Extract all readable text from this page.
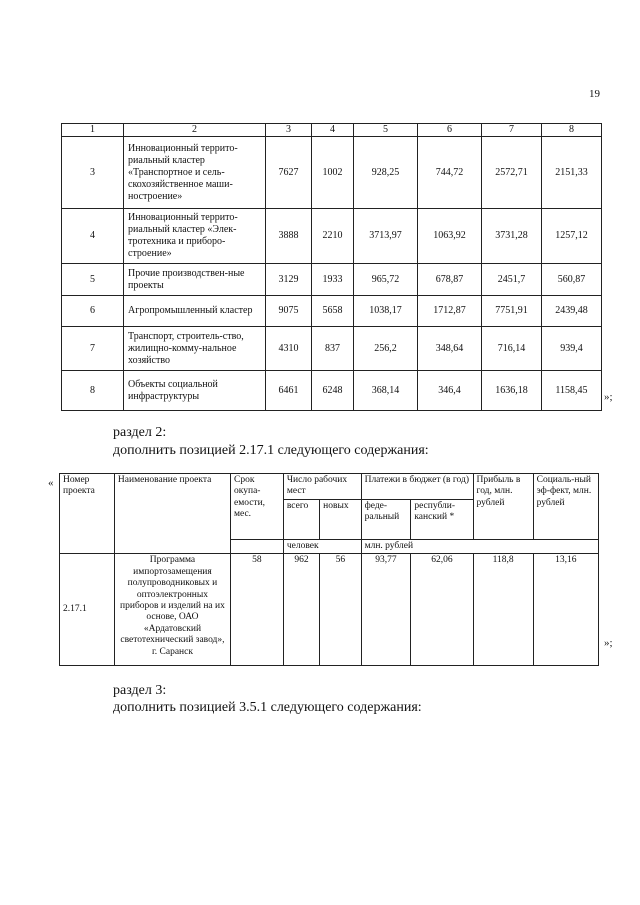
19
1	2	3	4	5	6	7	8
3	Инновационный террито-риальный кластер «Транспортное и сель-скохозяйственное маши-ностроение»	7627	1002	928,25	744,72	2572,71	2151,33
4	Инновационный террито-риальный кластер «Элек-тротехника и приборо-строение»	3888	2210	3713,97	1063,92	3731,28	1257,12
5	Прочие производствен-ные проекты	3129	1933	965,72	678,87	2451,7	560,87
6	Агропромышленный кластер	9075	5658	1038,17	1712,87	7751,91	2439,48
7	Транспорт, строитель-ство, жилищно-комму-нальное хозяйство	4310	837	256,2	348,64	716,14	939,4
8	Объекты социальной инфраструктуры	6461	6248	368,14	346,4	1636,18	1158,45
»;
раздел 2:
дополнить позицией 2.17.1 следующего содержания:
« Номер проекта	Наименование проекта	Срок окупа-емости, мес.	Число рабочих мест		Платежи в бюджет (в год)		Прибыль в год, млн. рублей	Социаль-ный эф-фект, млн. рублей
			всего	новых	феде-ральный	республи-канский *		
			человек		млн. рублей			
2.17.1	Программа импортозамещения полупроводниковых и оптоэлектронных приборов и изделий на их основе, ОАО «Ардатовский светотехнический завод», г. Саранск	58	962	56	93,77	62,06	118,8	13,16
»;
раздел 3:
дополнить позицией 3.5.1 следующего содержания:
